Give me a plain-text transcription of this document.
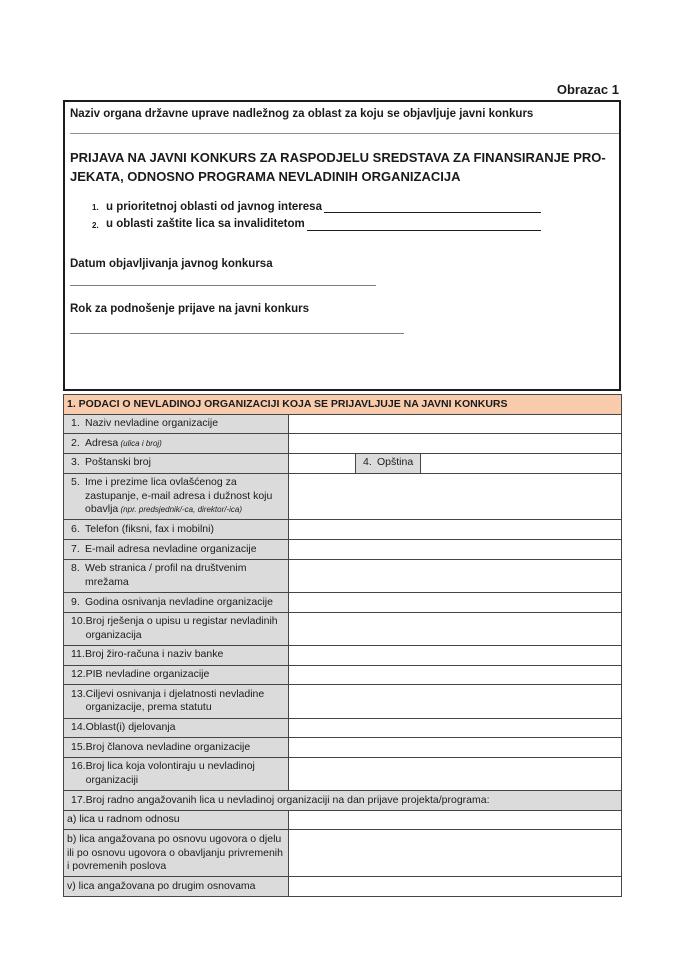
Obrazac 1
Naziv organa državne uprave nadležnog za oblast za koju se objavljuje javni konkurs
PRIJAVA NA JAVNI KONKURS ZA RASPODJELU SREDSTAVA ZA FINANSIRANJE PRO-
JEKATA, ODNOSNO PROGRAMA NEVLADINIH ORGANIZACIJA
1. u prioritetnoj oblasti od javnog interesa
2. u oblasti zaštite lica sa invaliditetom
Datum objavljivanja javnog konkursa
Rok za podnošenje prijave na javni konkurs
1. PODACI O NEVLADINOJ ORGANIZACIJI KOJA SE PRIJAVLJUJE NA JAVNI KONKURS			

1. Naziv nevladine organizacije			

2. Adresa (ulica i broj)			

3. Poštanski broj		4. Opština	

5. Ime i prezime lica ovlašćenog za zastupanje, e-mail adresa i dužnost koju obavlja (npr. predsjednik/-ca, direktor/-ica)			

6. Telefon (fiksni, fax i mobilni)			

7. E-mail adresa nevladine organizacije			

8. Web stranica / profil na društvenim mrežama			

9. Godina osnivanja nevladine organizacije			

10. Broj rješenja o upisu u registar nevladinih organizacija			

11. Broj žiro-računa i naziv banke			

12. PIB nevladine organizacije			

13. Ciljevi osnivanja i djelatnosti nevladine organizacije, prema statutu			

14. Oblast(i) djelovanja			

15. Broj članova nevladine organizacije			

16. Broj lica koja volontiraju u nevladinoj organizaciji			

17. Broj radno angažovanih lica u nevladinoj organizaciji na dan prijave projekta/programa:			

a) lica u radnom odnosu			
b) lica angažovana po osnovu ugovora o djelu ili po osnovu ugovora o obavljanju privremenih i povremenih poslova			
v) lica angažovana po drugim osnovama			
